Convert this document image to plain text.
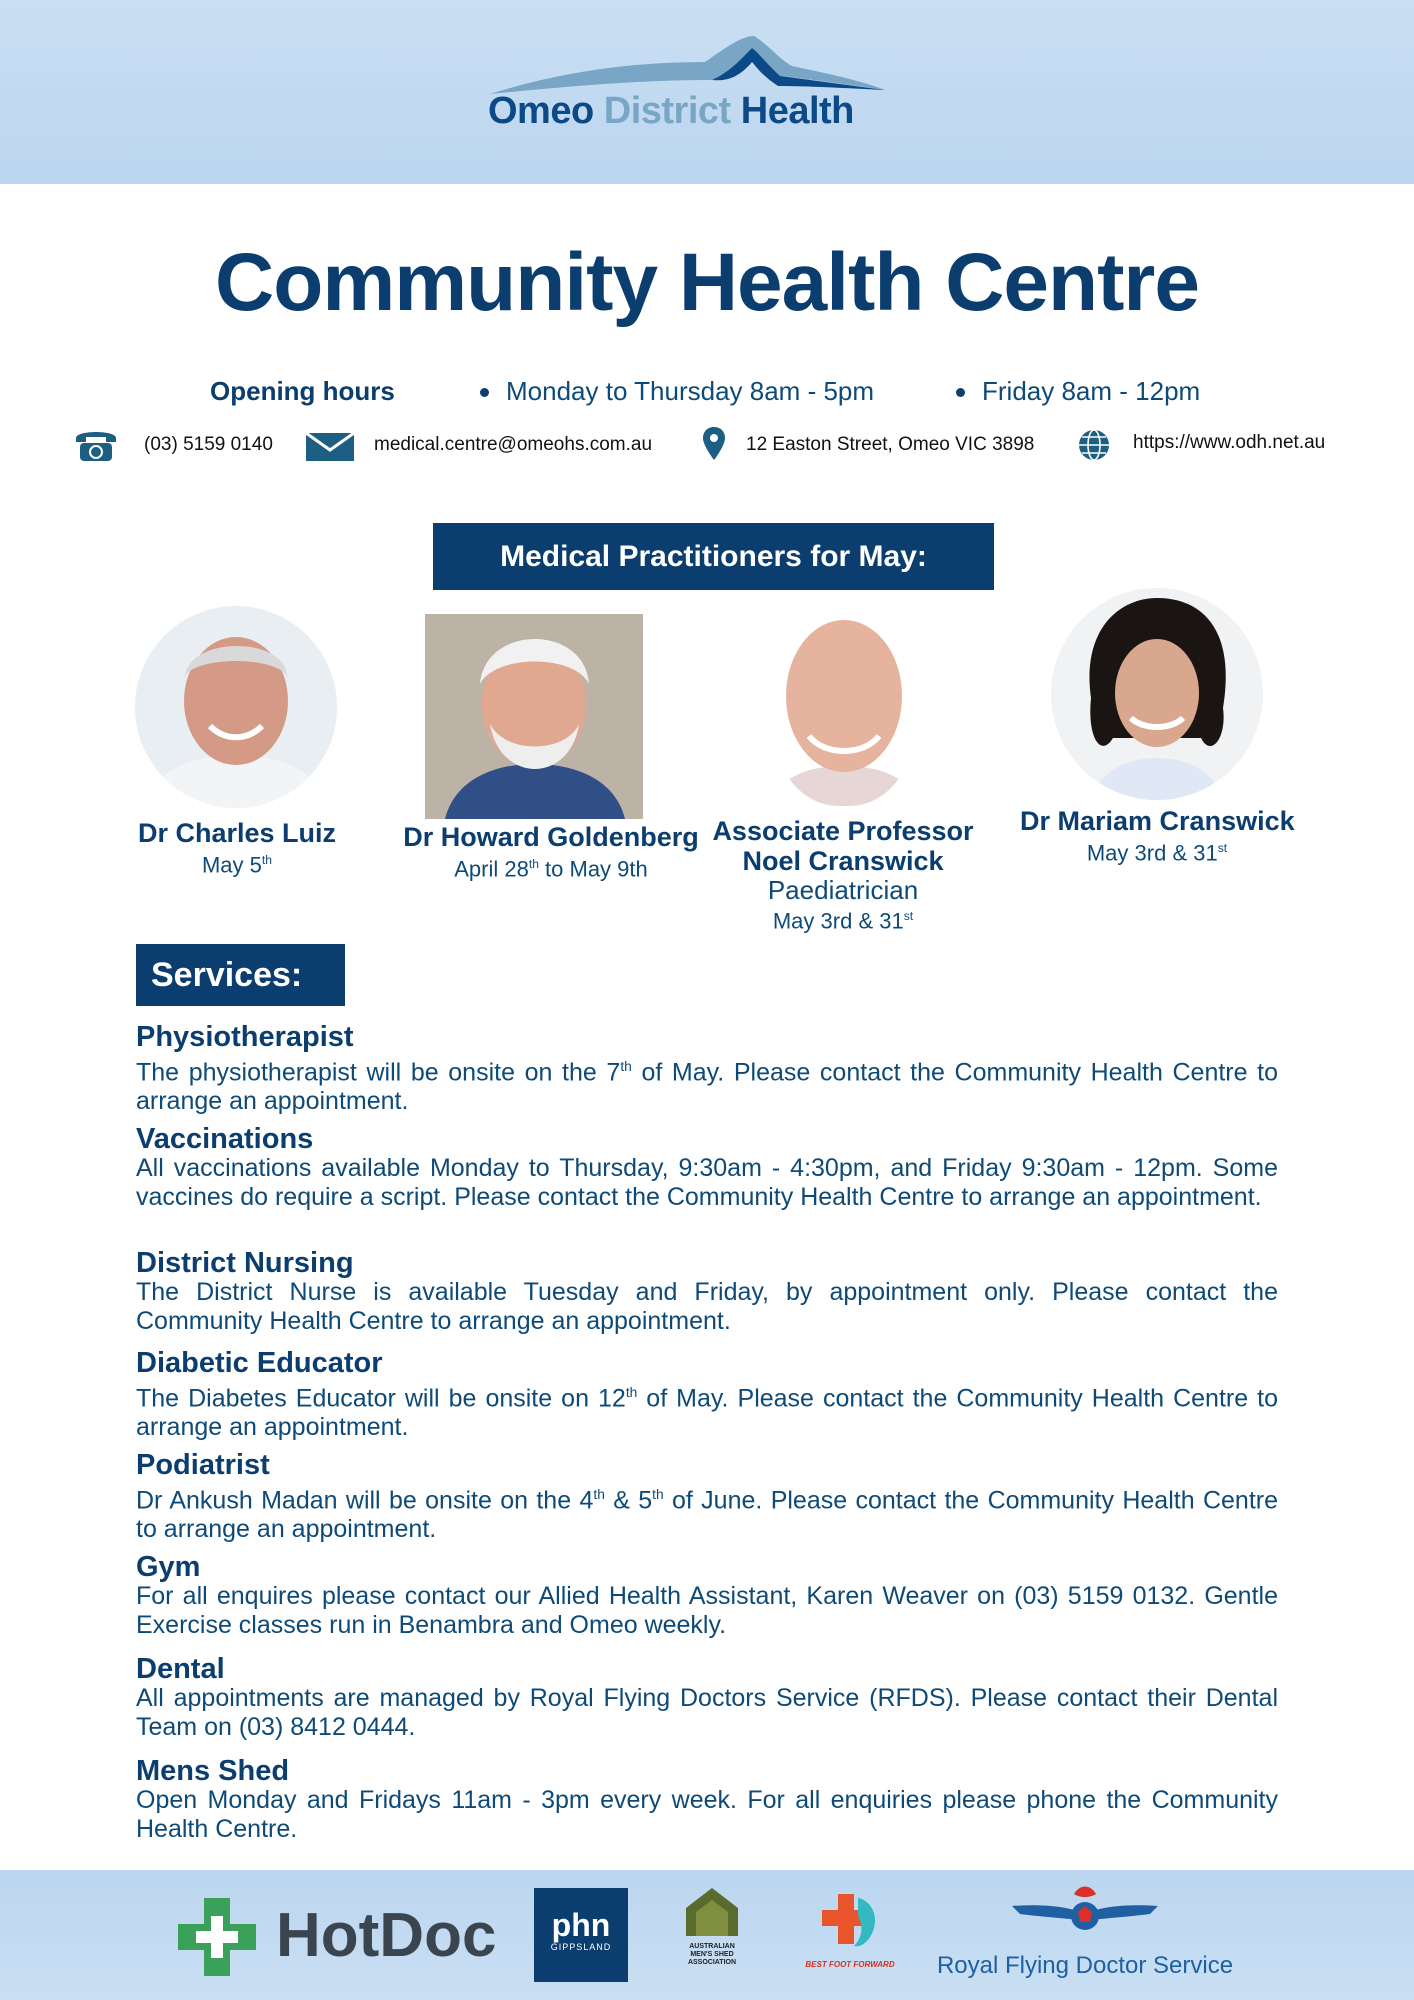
Omeo District Health
Community Health Centre
Opening hours	Monday to Thursday 8am - 5pm	Friday 8am - 12pm
(03) 5159 0140	medical.centre@omeohs.com.au	12 Easton Street, Omeo VIC 3898	https://www.odh.net.au
Medical Practitioners for May:
Dr Charles Luiz
May 5th
Dr Howard Goldenberg
April 28th to May 9th
Associate Professor
Noel Cranswick
Paediatrician
May 3rd & 31st
Dr Mariam Cranswick
May 3rd & 31st
Services:
Physiotherapist
The physiotherapist will be onsite on the 7th of May. Please contact the Community Health Centre to arrange an appointment.
Vaccinations
All vaccinations available Monday to Thursday, 9:30am - 4:30pm, and Friday 9:30am - 12pm. Some vaccines do require a script. Please contact the Community Health Centre to arrange an appointment.
District Nursing
The District Nurse is available Tuesday and Friday, by appointment only. Please contact the Community Health Centre to arrange an appointment.
Diabetic Educator
The Diabetes Educator will be onsite on 12th of May. Please contact the Community Health Centre to arrange an appointment.
Podiatrist
Dr Ankush Madan will be onsite on the 4th & 5th of June. Please contact the Community Health Centre to arrange an appointment.
Gym
For all enquires please contact our Allied Health Assistant, Karen Weaver on (03) 5159 0132. Gentle Exercise classes run in Benambra and Omeo weekly.
Dental
All appointments are managed by Royal Flying Doctors Service (RFDS). Please contact their Dental Team on (03) 8412 0444.
Mens Shed
Open Monday and Fridays 11am - 3pm every week. For all enquiries please phone the Community Health Centre.
HotDoc	phn
GIPPSLAND	AUSTRALIAN
MEN'S SHED
ASSOCIATION	BEST FOOT FORWARD Royal Flying Doctor Service
